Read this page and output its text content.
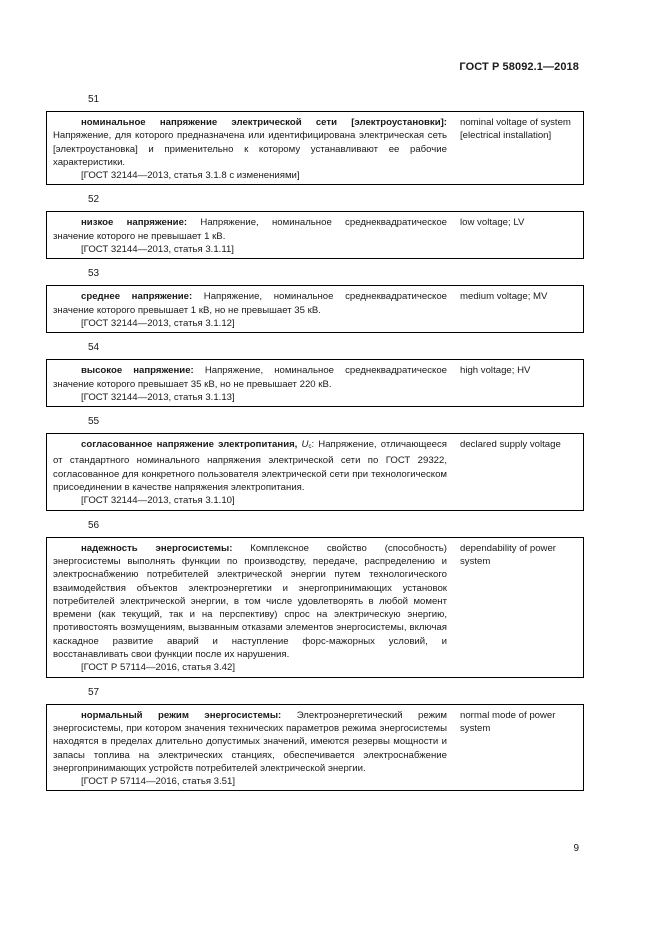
ГОСТ Р 58092.1—2018
51

номинальное напряжение электрической сети [электроустановки]: Напряжение, для которого предназначена или идентифицирована электрическая сеть [электроустановка] и применительно к которому устанавливают ее рабочие характеристики.

[ГОСТ 32144—2013, статья 3.1.8 с изменениями]

nominal voltage of system [electrical installation]
52

низкое напряжение: Напряжение, номинальное среднеквадратическое значение которого не превышает 1 кВ.

[ГОСТ 32144—2013, статья 3.1.11]

low voltage; LV
53

среднее напряжение: Напряжение, номинальное среднеквадратическое значение которого превышает 1 кВ, но не превышает 35 кВ.

[ГОСТ 32144—2013, статья 3.1.12]

medium voltage; MV
54

высокое напряжение: Напряжение, номинальное среднеквадратическое значение которого превышает 35 кВ, но не превышает 220 кВ.

[ГОСТ 32144—2013, статья 3.1.13]

high voltage; HV
55

согласованное напряжение электропитания, $U_c$: Напряжение, отличающееся от стандартного номинального напряжения электрической сети по ГОСТ 29322, согласованное для конкретного пользователя электрической сети при технологическом присоединении в качестве напряжения электропитания.

[ГОСТ 32144—2013, статья 3.1.10]

declared supply voltage
56

надежность энергосистемы: Комплексное свойство (способность) энергосистемы выполнять функции по производству, передаче, распределению и электроснабжению потребителей электрической энергии путем технологического взаимодействия объектов электроэнергетики и энергопринимающих установок потребителей электрической энергии, в том числе удовлетворять в любой момент времени (как текущий, так и на перспективу) спрос на электрическую энергию, противостоять возмущениям, вызванным отказами элементов энергосистемы, включая каскадное развитие аварий и наступление форс-мажорных условий, и восстанавливать свои функции после их нарушения.

[ГОСТ Р 57114—2016, статья 3.42]

dependability of power system
57

нормальный режим энергосистемы: Электроэнергетический режим энергосистемы, при котором значения технических параметров режима энергосистемы находятся в пределах длительно допустимых значений, имеются резервы мощности и запасы топлива на электрических станциях, обеспечивается электроснабжение энергопринимающих устройств потребителей электрической энергии.

[ГОСТ Р 57114—2016, статья 3.51]

normal mode of power system
9
